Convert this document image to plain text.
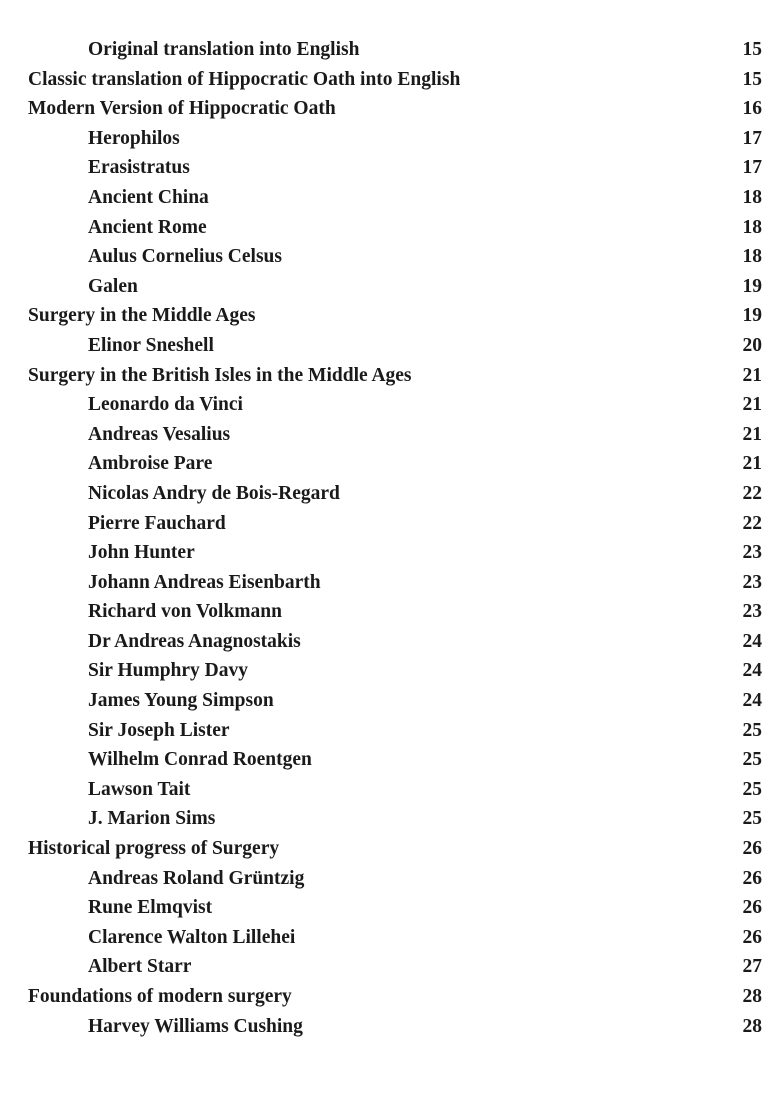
Original translation into English	15
Classic translation of Hippocratic Oath into English	15
Modern Version of Hippocratic Oath	16
Herophilos	17
Erasistratus	17
Ancient China	18
Ancient Rome	18
Aulus Cornelius Celsus	18
Galen	19
Surgery in the Middle Ages	19
Elinor Sneshell	20
Surgery in the British Isles in the Middle Ages	21
Leonardo da Vinci	21
Andreas Vesalius	21
Ambroise Pare	21
Nicolas Andry de Bois-Regard	22
Pierre Fauchard	22
John Hunter	23
Johann Andreas Eisenbarth	23
Richard von Volkmann	23
Dr Andreas Anagnostakis	24
Sir Humphry Davy	24
James Young Simpson	24
Sir Joseph Lister	25
Wilhelm Conrad Roentgen	25
Lawson Tait	25
J. Marion Sims	25
Historical progress of Surgery	26
Andreas Roland Grüntzig	26
Rune Elmqvist	26
Clarence Walton Lillehei	26
Albert Starr	27
Foundations of modern surgery	28
Harvey Williams Cushing	28
